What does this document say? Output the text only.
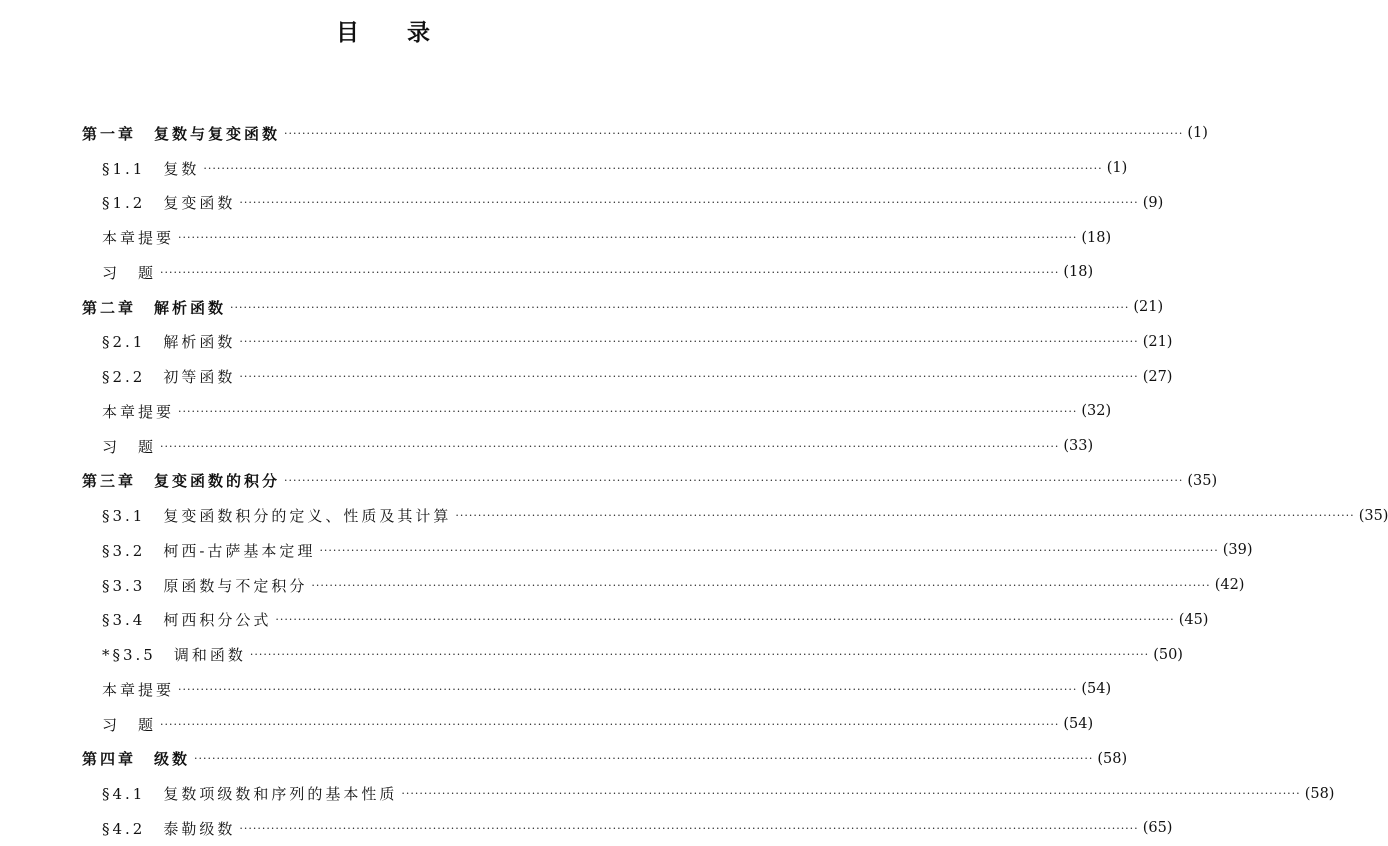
目 录
第一章　复数与复变函数 ········································································································································································································ (1)
§1.1　复数 ········································································································································································································ (1)
§1.2　复变函数 ········································································································································································································ (9)
本章提要 ········································································································································································································ (18)
习　题 ········································································································································································································ (18)
第二章　解析函数 ········································································································································································································ (21)
§2.1　解析函数 ········································································································································································································ (21)
§2.2　初等函数 ········································································································································································································ (27)
本章提要 ········································································································································································································ (32)
习　题 ········································································································································································································ (33)
第三章　复变函数的积分 ········································································································································································································ (35)
§3.1　复变函数积分的定义、性质及其计算 ········································································································································································································ (35)
§3.2　柯西-古萨基本定理 ········································································································································································································ (39)
§3.3　原函数与不定积分 ········································································································································································································ (42)
§3.4　柯西积分公式 ········································································································································································································ (45)
*§3.5　调和函数 ········································································································································································································ (50)
本章提要 ········································································································································································································ (54)
习　题 ········································································································································································································ (54)
第四章　级数 ········································································································································································································ (58)
§4.1　复数项级数和序列的基本性质 ········································································································································································································ (58)
§4.2　泰勒级数 ········································································································································································································ (65)
